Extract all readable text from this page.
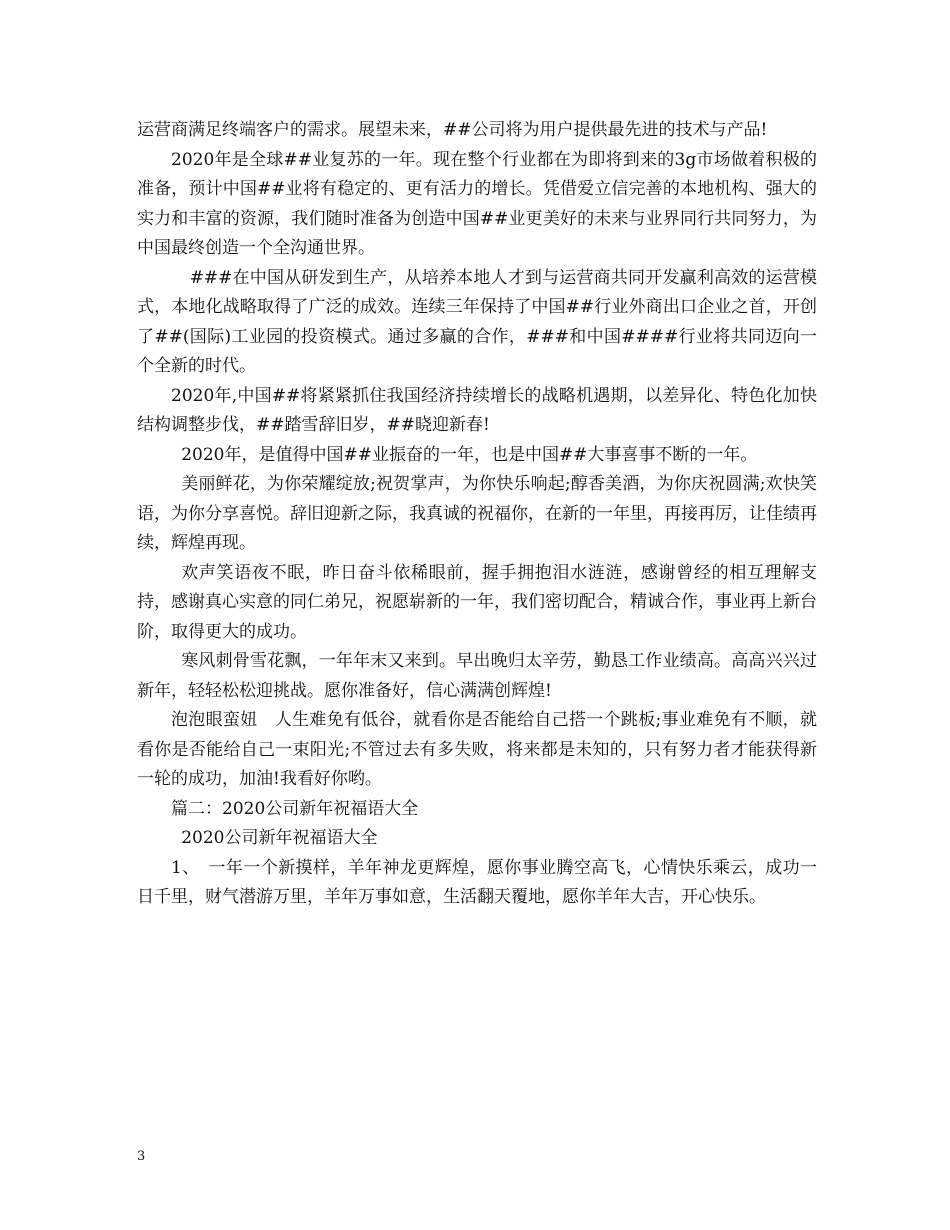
运营商满足终端客户的需求。展望未来，##公司将为用户提供最先进的技术与产品!

2020年是全球##业复苏的一年。现在整个行业都在为即将到来的3g市场做着积极的准备，预计中国##业将有稳定的、更有活力的增长。凭借爱立信完善的本地机构、强大的实力和丰富的资源，我们随时准备为创造中国##业更美好的未来与业界同行共同努力，为中国最终创造一个全沟通世界。

###在中国从研发到生产，从培养本地人才到与运营商共同开发赢利高效的运营模式，本地化战略取得了广泛的成效。连续三年保持了中国##行业外商出口企业之首，开创了##(国际)工业园的投资模式。通过多赢的合作，###和中国####行业将共同迈向一个全新的时代。

2020年,中国##将紧紧抓住我国经济持续增长的战略机遇期，以差异化、特色化加快结构调整步伐，##踏雪辞旧岁，##晓迎新春!

2020年，是值得中国##业振奋的一年，也是中国##大事喜事不断的一年。

美丽鲜花，为你荣耀绽放;祝贺掌声，为你快乐响起;醇香美酒，为你庆祝圆满;欢快笑语，为你分享喜悦。辞旧迎新之际，我真诚的祝福你，在新的一年里，再接再厉，让佳绩再续，辉煌再现。

欢声笑语夜不眠，昨日奋斗依稀眼前，握手拥抱泪水涟涟，感谢曾经的相互理解支持，感谢真心实意的同仁弟兄，祝愿崭新的一年，我们密切配合，精诚合作，事业再上新台阶，取得更大的成功。

寒风刺骨雪花飘，一年年末又来到。早出晚归太辛劳，勤恳工作业绩高。高高兴兴过新年，轻轻松松迎挑战。愿你准备好，信心满满创辉煌!

泡泡眼蛮妞　人生难免有低谷，就看你是否能给自己搭一个跳板;事业难免有不顺，就看你是否能给自己一束阳光;不管过去有多失败，将来都是未知的，只有努力者才能获得新一轮的成功，加油!我看好你哟。

篇二：2020公司新年祝福语大全

2020公司新年祝福语大全

1、　一年一个新摸样，羊年神龙更辉煌，愿你事业腾空高飞，心情快乐乘云，成功一日千里，财气潜游万里，羊年万事如意，生活翻天覆地，愿你羊年大吉，开心快乐。

3
